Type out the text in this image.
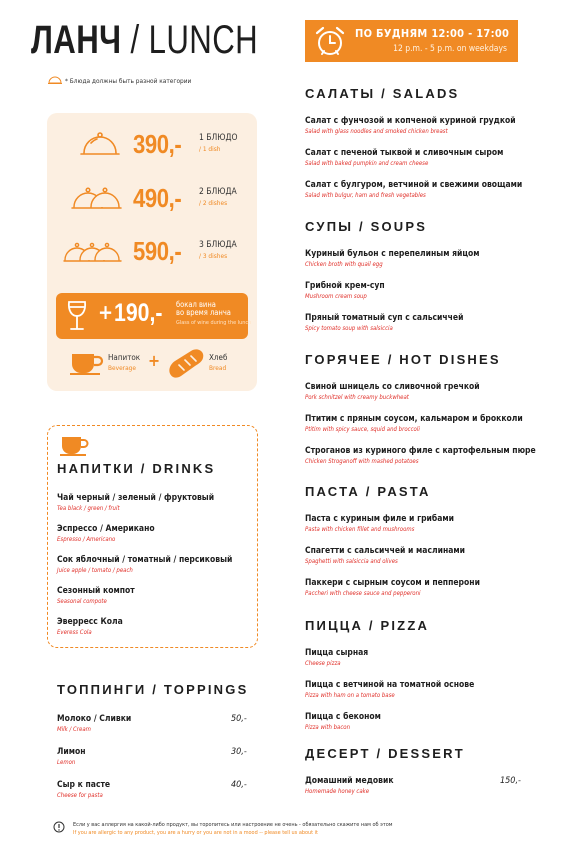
ЛАНЧ / LUNCH	ПО БУДНЯМ 12:00 - 17:00
12 p.m. - 5 p.m. on weekdays
* Блюда должны быть разной категории
390,- 1 БЛЮДО
/ 1 dish
490,- 2 БЛЮДА
/ 2 dishes
590,- 3 БЛЮДА
/ 3 dishes
+ 190,- бокал вина
во время ланча
Glass of wine during the lunch
Напиток
Beverage +	Хлеб
Bread
НАПИТКИ / DRINKS
Чай черный / зеленый / фруктовый
Tea black / green / fruit
Эспрессо / Американо
Espresso / Americano
Сок яблочный / томатный / персиковый
Juice apple / tomato / peach
Сезонный компот
Seasonal compote
Эверресс Кола
Everess Cola
ТОППИНГИ / TOPPINGS
Молоко / Сливки
Milk / Cream
50,-
Лимон
Lemon
30,-
Сыр к пасте
Cheese for pasta
40,-
САЛАТЫ / SALADS
Салат с фунчозой и копченой куриной грудкой
Salad with glass noodles and smoked chicken breast
Салат с печеной тыквой и сливочным сыром
Salad with baked pumpkin and cream cheese
Салат с булгуром, ветчиной и свежими овощами
Salad with bulgur, ham and fresh vegetables
СУПЫ / SOUPS
Куриный бульон с перепелиным яйцом
Chicken broth with quail egg
Грибной крем-суп
Mushroom cream soup
Пряный томатный суп с сальсиччей
Spicy tomato soup with salsiccia
ГОРЯЧЕЕ / HOT DISHES
Свиной шницель со сливочной гречкой
Pork schnitzel with creamy buckwheat
Птитим с пряным соусом, кальмаром и брокколи
Ptitim with spicy sauce, squid and broccoli
Строганов из куриного филе с картофельным пюре
Chicken Stroganoff with mashed potatoes
ПАСТА / PASTA
Паста с куриным филе и грибами
Pasta with chicken fillet and mushrooms
Спагетти с сальсиччей и маслинами
Spaghetti with salsiccia and olives
Паккери с сырным соусом и пепперони
Paccheri with cheese sauce and pepperoni
ПИЦЦА / PIZZA
Пицца сырная
Cheese pizza
Пицца с ветчиной на томатной основе
Pizza with ham on a tomato base
Пицца с беконом
Pizza with bacon
ДЕСЕРТ / DESSERT
Домашний медовик
Homemade honey cake
150,-
Если у вас аллергия на какой-либо продукт, вы торопитесь или настроение не очень - обязательно скажите нам об этом
If you are allergic to any product, you are a hurry or you are not in a mood -- please tell us about it
